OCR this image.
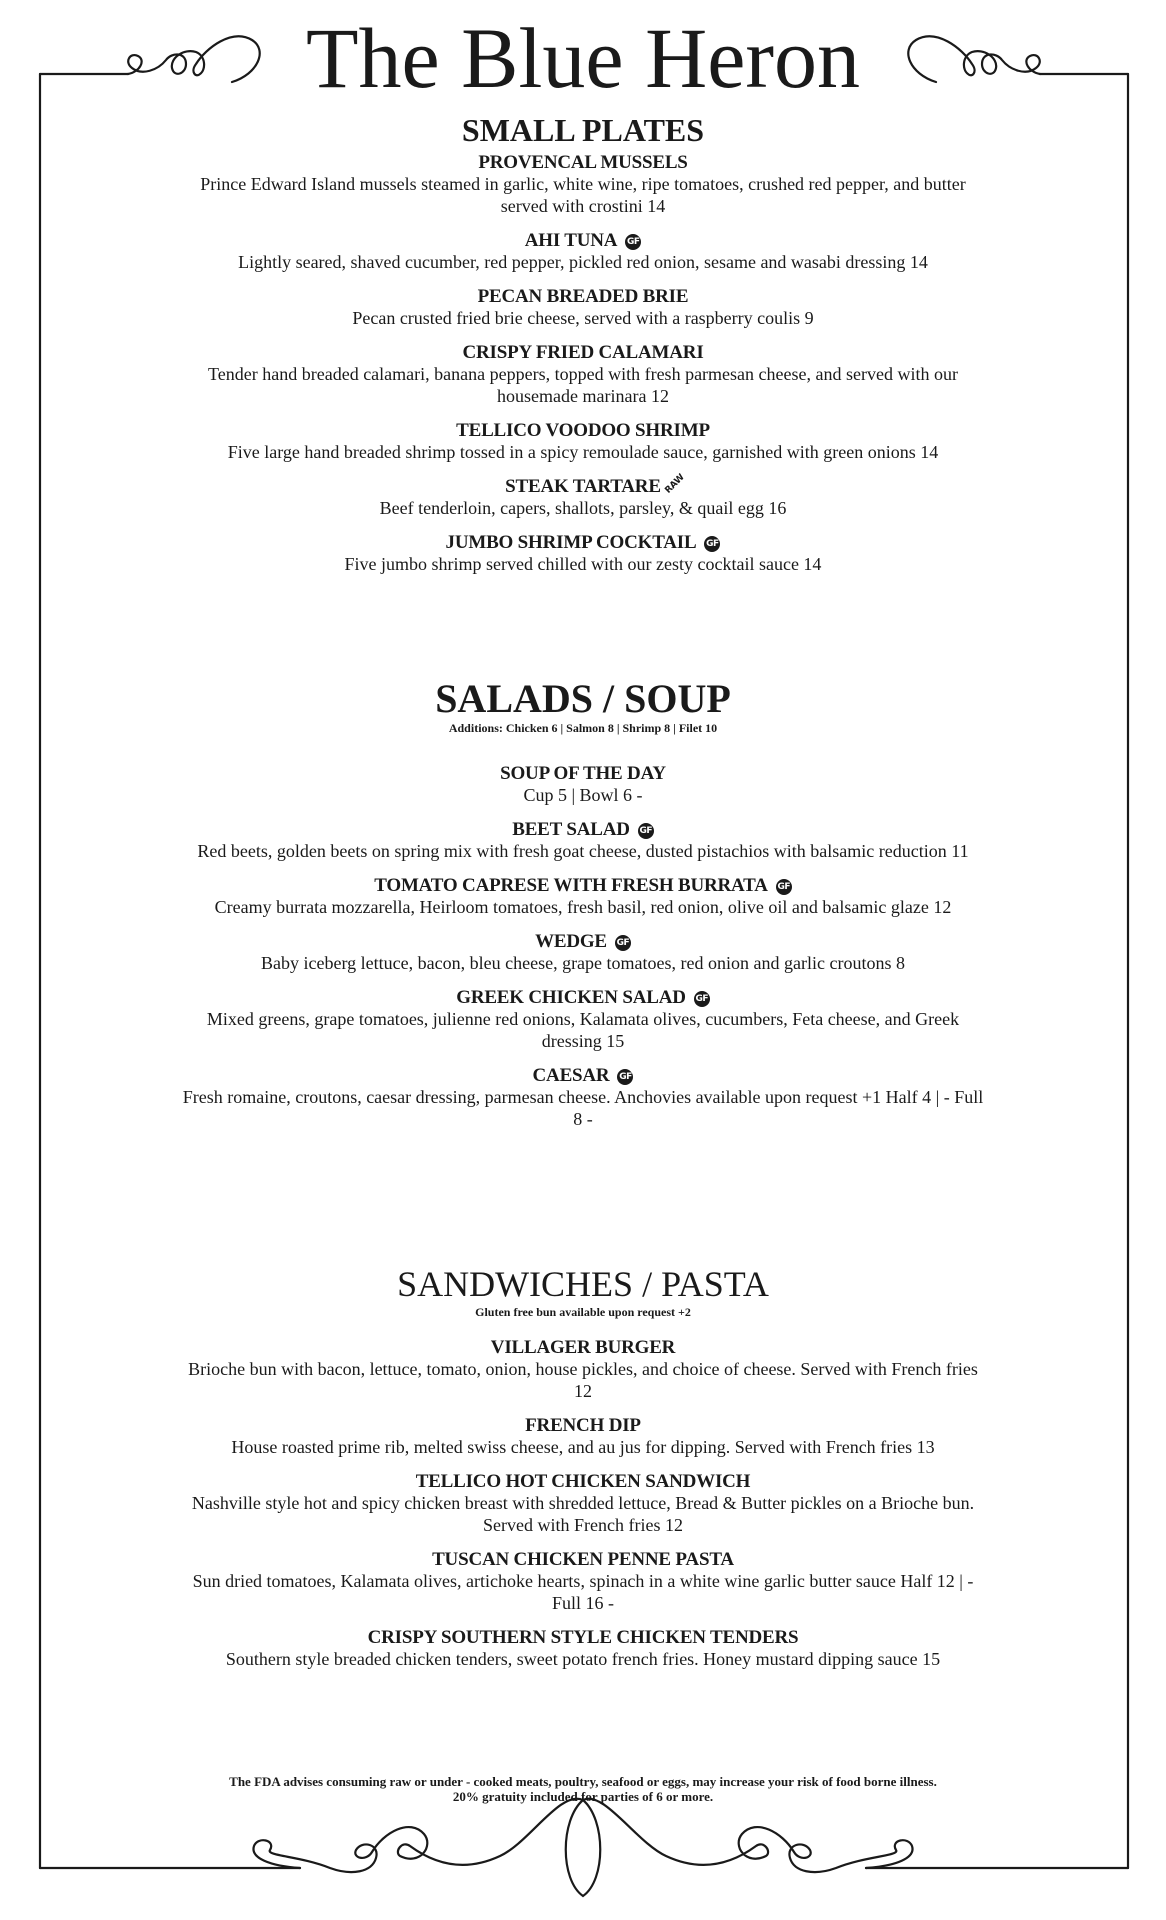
The Blue Heron
SMALL PLATES
PROVENCAL MUSSELS
Prince Edward Island mussels steamed in garlic, white wine, ripe tomatoes, crushed red pepper, and butter served with crostini 14
AHI TUNA GF
Lightly seared, shaved cucumber, red pepper, pickled red onion, sesame and wasabi dressing 14
PECAN BREADED BRIE
Pecan crusted fried brie cheese, served with a raspberry coulis 9
CRISPY FRIED CALAMARI
Tender hand breaded calamari, banana peppers, topped with fresh parmesan cheese, and served with our housemade marinara 12
TELLICO VOODOO SHRIMP
Five large hand breaded shrimp tossed in a spicy remoulade sauce, garnished with green onions 14
STEAK TARTARE RAW
Beef tenderloin, capers, shallots, parsley, & quail egg 16
JUMBO SHRIMP COCKTAIL GF
Five jumbo shrimp served chilled with our zesty cocktail sauce 14
SALADS / SOUP
Additions: Chicken 6 | Salmon 8 | Shrimp 8 | Filet 10
SOUP OF THE DAY
Cup 5 | Bowl 6 -
BEET SALAD GF
Red beets, golden beets on spring mix with fresh goat cheese, dusted pistachios with balsamic reduction 11
TOMATO CAPRESE WITH FRESH BURRATA GF
Creamy burrata mozzarella, Heirloom tomatoes, fresh basil, red onion, olive oil and balsamic glaze 12
WEDGE GF
Baby iceberg lettuce, bacon, bleu cheese, grape tomatoes, red onion and garlic croutons 8
GREEK CHICKEN SALAD GF
Mixed greens, grape tomatoes, julienne red onions, Kalamata olives, cucumbers, Feta cheese, and Greek dressing 15
CAESAR GF
Fresh romaine, croutons, caesar dressing, parmesan cheese. Anchovies available upon request +1 Half 4 | - Full 8 -
SANDWICHES / PASTA
Gluten free bun available upon request +2
VILLAGER BURGER
Brioche bun with bacon, lettuce, tomato, onion, house pickles, and choice of cheese. Served with French fries 12
FRENCH DIP
House roasted prime rib, melted swiss cheese, and au jus for dipping. Served with French fries 13
TELLICO HOT CHICKEN SANDWICH
Nashville style hot and spicy chicken breast with shredded lettuce, Bread & Butter pickles on a Brioche bun. Served with French fries 12
TUSCAN CHICKEN PENNE PASTA
Sun dried tomatoes, Kalamata olives, artichoke hearts, spinach in a white wine garlic butter sauce Half 12 | - Full 16 -
CRISPY SOUTHERN STYLE CHICKEN TENDERS
Southern style breaded chicken tenders, sweet potato french fries. Honey mustard dipping sauce 15
The FDA advises consuming raw or under - cooked meats, poultry, seafood or eggs, may increase your risk of food borne illness.
20% gratuity included for parties of 6 or more.
